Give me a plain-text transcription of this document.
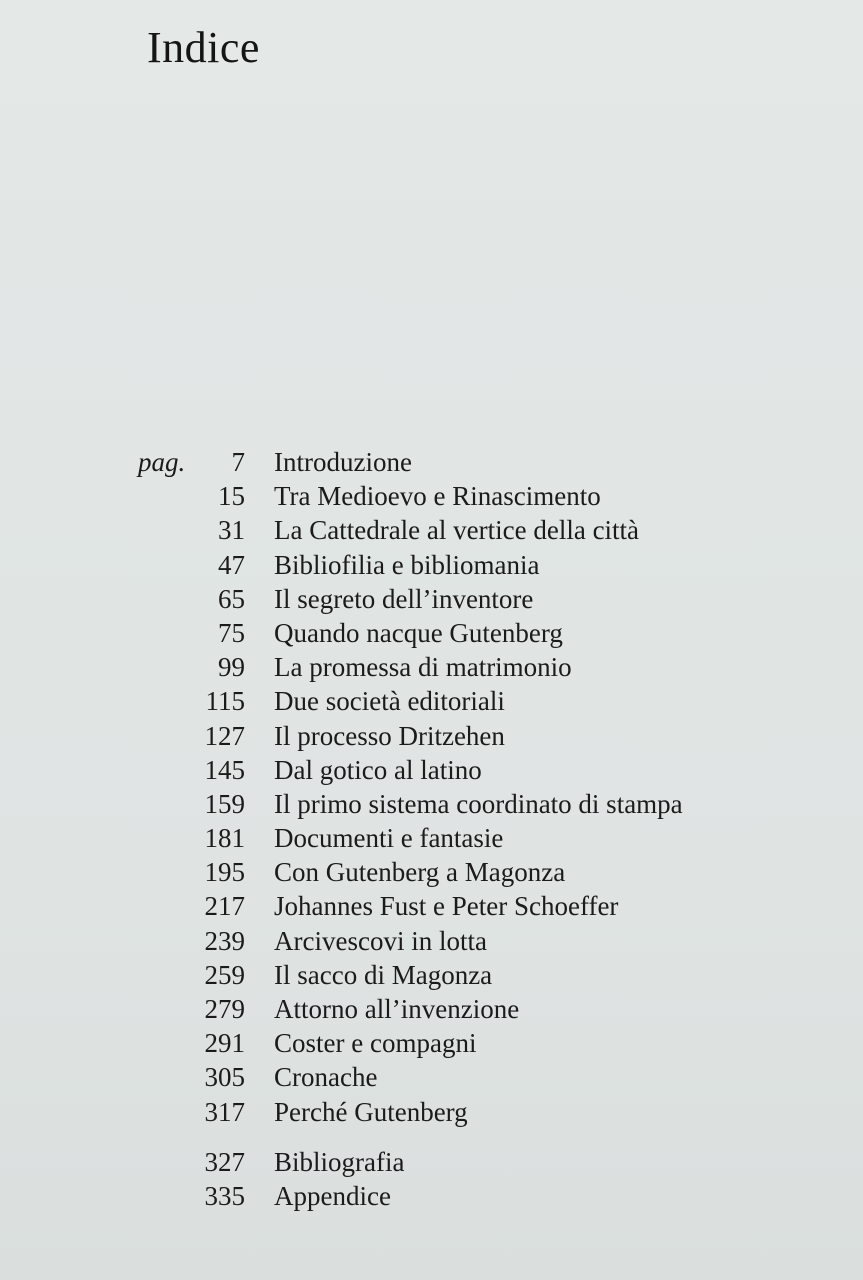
Indice
pag. 7 Introduzione
15 Tra Medioevo e Rinascimento
31 La Cattedrale al vertice della città
47 Bibliofilia e bibliomania
65 Il segreto dell’inventore
75 Quando nacque Gutenberg
99 La promessa di matrimonio
115 Due società editoriali
127 Il processo Dritzehen
145 Dal gotico al latino
159 Il primo sistema coordinato di stampa
181 Documenti e fantasie
195 Con Gutenberg a Magonza
217 Johannes Fust e Peter Schoeffer
239 Arcivescovi in lotta
259 Il sacco di Magonza
279 Attorno all’invenzione
291 Coster e compagni
305 Cronache
317 Perché Gutenberg
327 Bibliografia
335 Appendice
